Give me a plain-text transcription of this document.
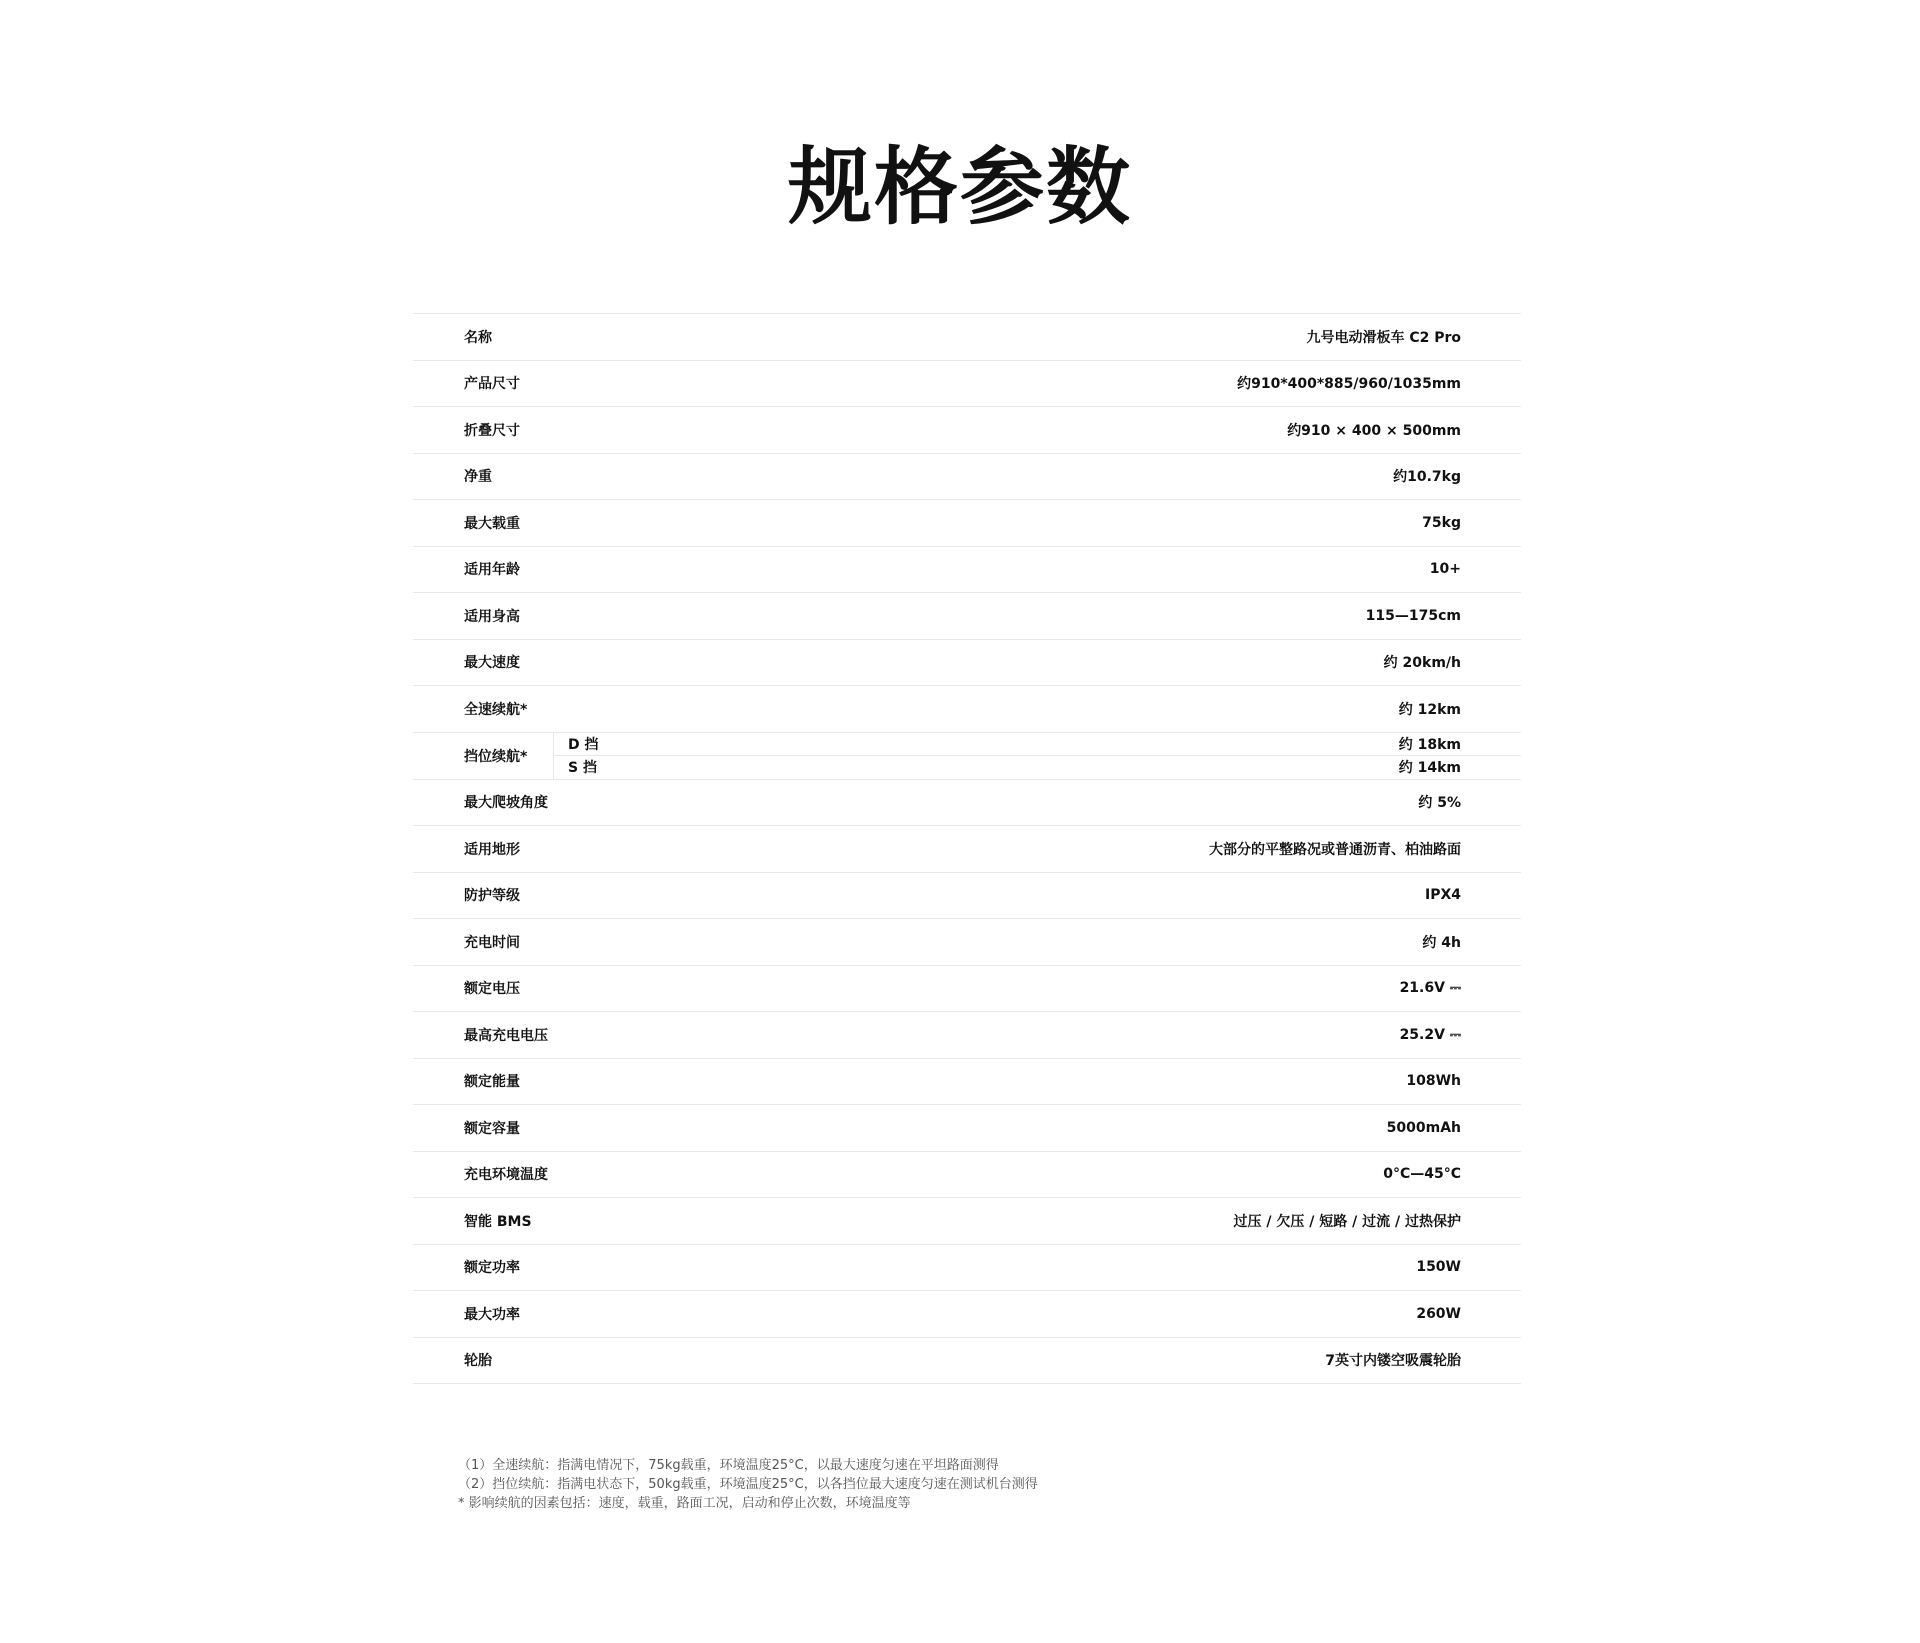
规格参数
名称	九号电动滑板车 C2 Pro
产品尺寸	约910*400*885/960/1035mm
折叠尺寸	约910 × 400 × 500mm
净重	约10.7kg
最大载重	75kg
适用年龄	10+
适用身高	115—175cm
最大速度	约 20km/h
全速续航*	约 12km
挡位续航*
D 挡	约 18km
S 挡	约 14km
最大爬坡角度	约 5%
适用地形	大部分的平整路况或普通沥青、柏油路面
防护等级	IPX4
充电时间	约 4h
额定电压	21.6V ⎓
最高充电电压	25.2V ⎓
额定能量	108Wh
额定容量	5000mAh
充电环境温度	0°C—45°C
智能 BMS	过压 / 欠压 / 短路 / 过流 / 过热保护
额定功率	150W
最大功率	260W
轮胎	7英寸内镂空吸震轮胎
（1）全速续航：指满电情况下，75kg载重，环境温度25°C，以最大速度匀速在平坦路面测得
（2）挡位续航：指满电状态下，50kg载重，环境温度25°C，以各挡位最大速度匀速在测试机台测得
* 影响续航的因素包括：速度，载重，路面工况，启动和停止次数，环境温度等
